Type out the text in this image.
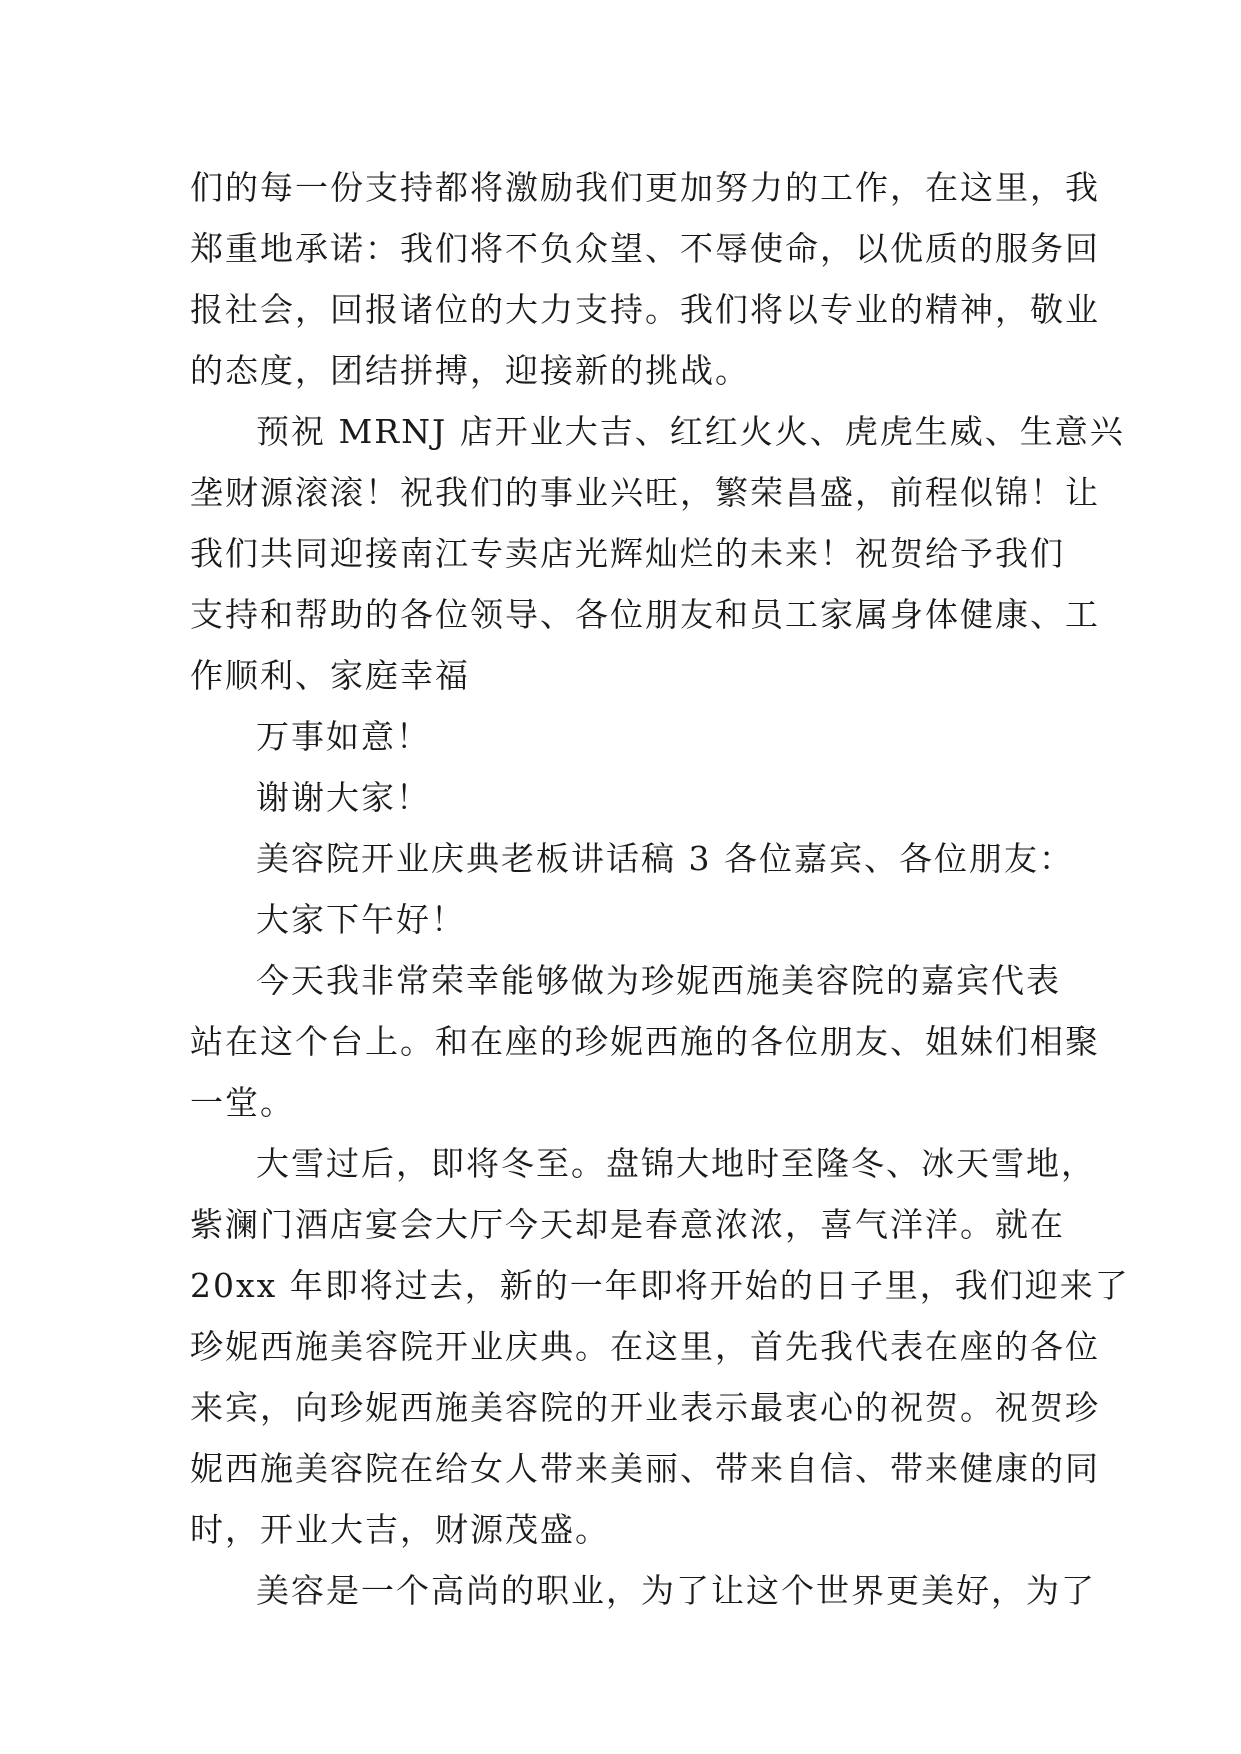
们的每一份支持都将激励我们更加努力的工作，在这里，我
郑重地承诺：我们将不负众望、不辱使命，以优质的服务回
报社会，回报诸位的大力支持。我们将以专业的精神，敬业
的态度，团结拼搏，迎接新的挑战。
预祝 MRNJ 店开业大吉、红红火火、虎虎生威、生意兴
垄财源滚滚！祝我们的事业兴旺，繁荣昌盛，前程似锦！让
我们共同迎接南江专卖店光辉灿烂的未来！祝贺给予我们
支持和帮助的各位领导、各位朋友和员工家属身体健康、工
作顺利、家庭幸福
万事如意！
谢谢大家！
美容院开业庆典老板讲话稿 3 各位嘉宾、各位朋友：
大家下午好！
今天我非常荣幸能够做为珍妮西施美容院的嘉宾代表
站在这个台上。和在座的珍妮西施的各位朋友、姐妹们相聚
一堂。
大雪过后，即将冬至。盘锦大地时至隆冬、冰天雪地，
紫澜门酒店宴会大厅今天却是春意浓浓，喜气洋洋。就在
20xx 年即将过去，新的一年即将开始的日子里，我们迎来了
珍妮西施美容院开业庆典。在这里，首先我代表在座的各位
来宾，向珍妮西施美容院的开业表示最衷心的祝贺。祝贺珍
妮西施美容院在给女人带来美丽、带来自信、带来健康的同
时，开业大吉，财源茂盛。
美容是一个高尚的职业，为了让这个世界更美好，为了
